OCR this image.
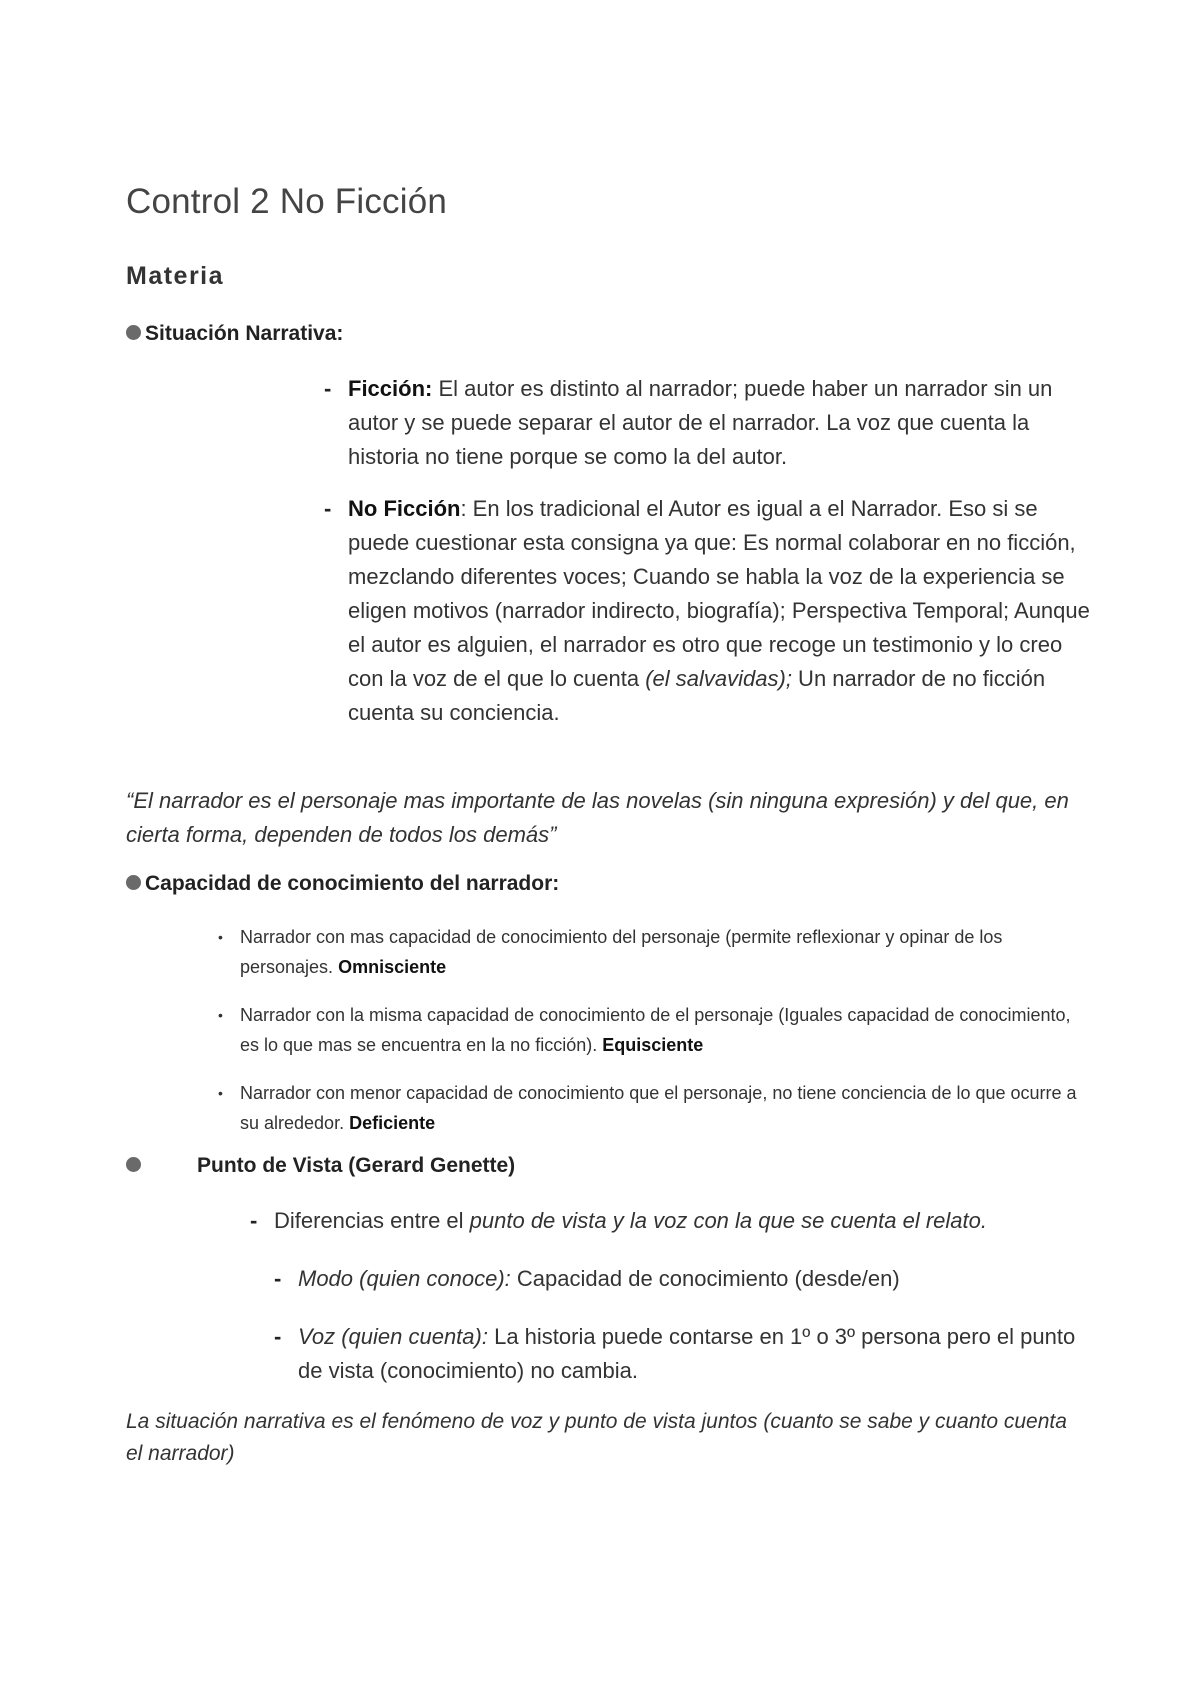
Control 2 No Ficción
Materia
Situación Narrativa:
- Ficción: El autor es distinto al narrador; puede haber un narrador sin un autor y se puede separar el autor de el narrador. La voz que cuenta la historia no tiene porque se como la del autor.
- No Ficción: En los tradicional el Autor es igual a el Narrador. Eso si se puede cuestionar esta consigna ya que: Es normal colaborar en no ficción, mezclando diferentes voces; Cuando se habla la voz de la experiencia se eligen motivos (narrador indirecto, biografía); Perspectiva Temporal; Aunque el autor es alguien, el narrador es otro que recoge un testimonio y lo creo con la voz de el que lo cuenta (el salvavidas); Un narrador de no ficción cuenta su conciencia.
“El narrador es el personaje mas importante de las novelas (sin ninguna expresión) y del que, en cierta forma, dependen de todos los demás”
Capacidad de conocimiento del narrador:
• Narrador con mas capacidad de conocimiento del personaje (permite reflexionar y opinar de los personajes. Omnisciente
• Narrador con la misma capacidad de conocimiento de el personaje (Iguales capacidad de conocimiento, es lo que mas se encuentra en la no ficción). Equisciente
• Narrador con menor capacidad de conocimiento que el personaje, no tiene conciencia de lo que ocurre a su alrededor. Deficiente
Punto de Vista (Gerard Genette)
- Diferencias entre el punto de vista y la voz con la que se cuenta el relato.
- Modo (quien conoce): Capacidad de conocimiento (desde/en)
- Voz (quien cuenta): La historia puede contarse en 1º o 3º persona pero el punto de vista (conocimiento) no cambia.
La situación narrativa es el fenómeno de voz y punto de vista juntos (cuanto se sabe y cuanto cuenta el narrador)
